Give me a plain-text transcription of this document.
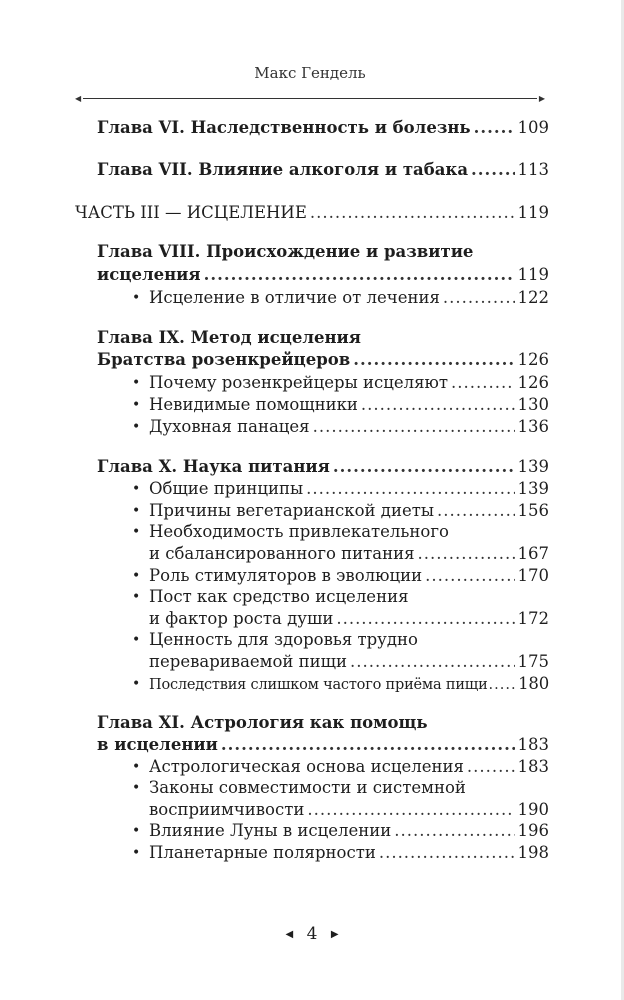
Макс Гендель
◀	▶
Глава VI. Наследственность и болезнь .....	109
Глава VII. Влияние алкоголя и табака .....	113
ЧАСТЬ III — ИСЦЕЛЕНИЕ .....	119
Глава VIII. Происхождение и развитие
исцеления .....	119
• Исцеление в отличие от лечения .....	122
Глава IX. Метод исцеления
Братства розенкрейцеров .....	126
• Почему розенкрейцеры исцеляют .....	126
• Невидимые помощники .....	130
• Духовная панацея .....	136
Глава X. Наука питания .....	139
• Общие принципы .....	139
• Причины вегетарианской диеты .....	156
• Необходимость привлекательного
и сбалансированного питания .....	167
• Роль стимуляторов в эволюции .....	170
• Пост как средство исцеления
и фактор роста души .....	172
• Ценность для здоровья трудно
перевариваемой пищи .....	175
• Последствия слишком частого приёма пищи ..... 180
Глава XI. Астрология как помощь
в исцелении .....	183
• Астрологическая основа исцеления .....	183
• Законы совместимости и системной
восприимчивости .....	190
• Влияние Луны в исцелении .....	196
• Планетарные полярности .....	198
◀ 4 ▶
